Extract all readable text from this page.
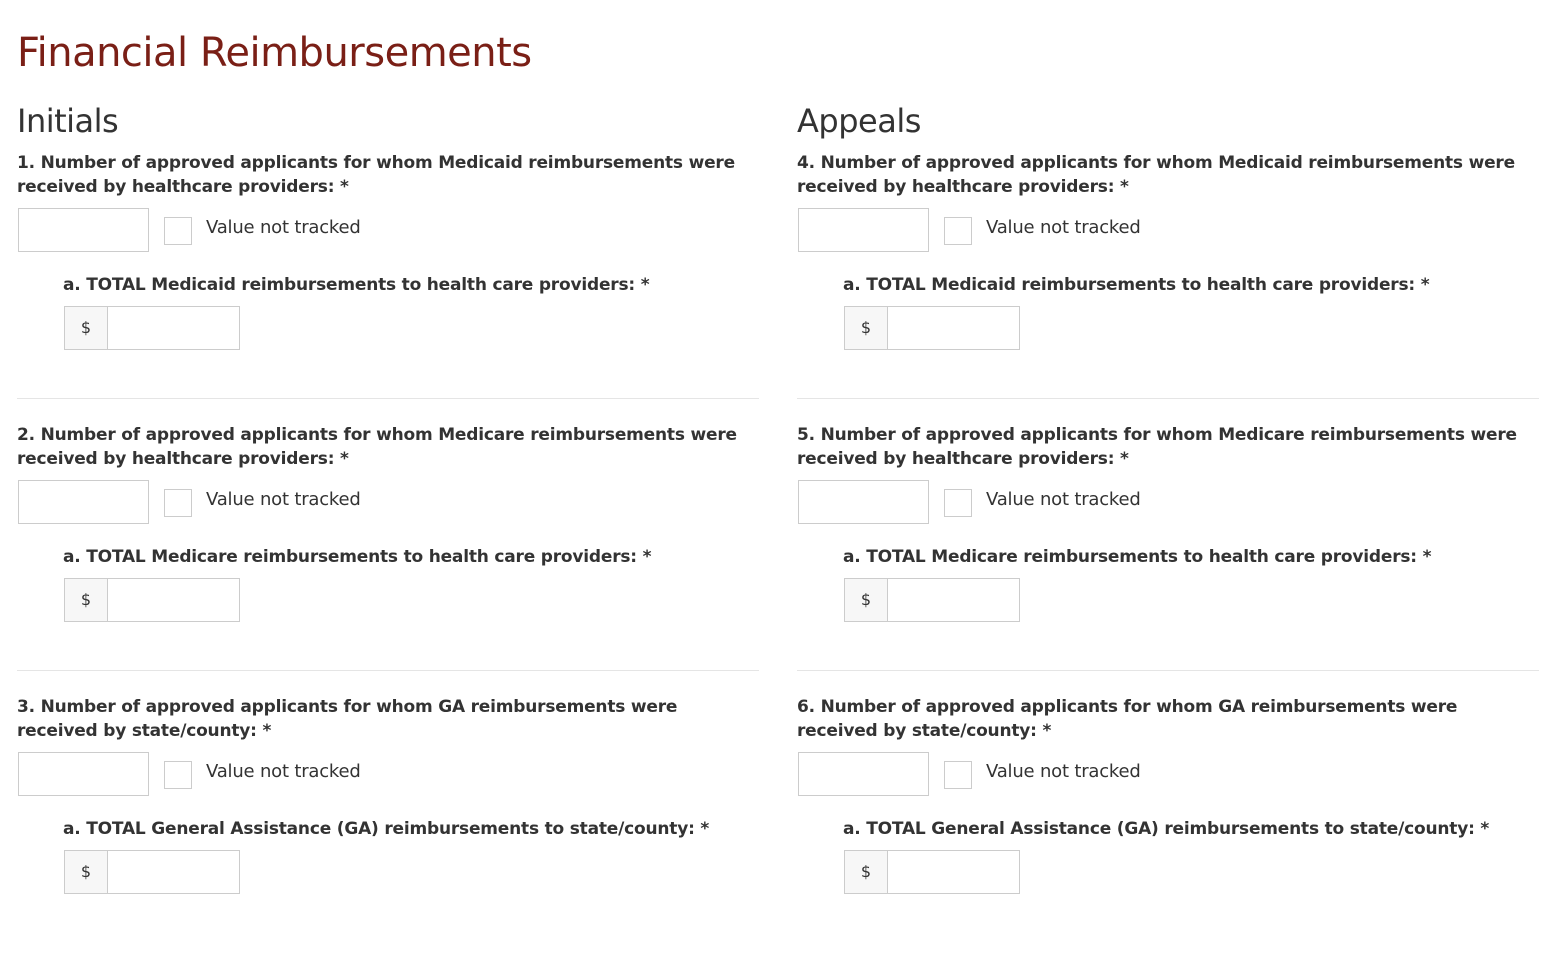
Financial Reimbursements
Initials

1. Number of approved applicants for whom Medicaid reimbursements were received by healthcare providers: *

Value not tracked

a. TOTAL Medicaid reimbursements to health care providers: *

$

2. Number of approved applicants for whom Medicare reimbursements were received by healthcare providers: *

Value not tracked

a. TOTAL Medicare reimbursements to health care providers: *

$

3. Number of approved applicants for whom GA reimbursements were received by state/county: *

Value not tracked

a. TOTAL General Assistance (GA) reimbursements to state/county: *

$
Appeals

4. Number of approved applicants for whom Medicaid reimbursements were received by healthcare providers: *

Value not tracked

a. TOTAL Medicaid reimbursements to health care providers: *

$

5. Number of approved applicants for whom Medicare reimbursements were received by healthcare providers: *

Value not tracked

a. TOTAL Medicare reimbursements to health care providers: *

$

6. Number of approved applicants for whom GA reimbursements were received by state/county: *

Value not tracked

a. TOTAL General Assistance (GA) reimbursements to state/county: *

$
